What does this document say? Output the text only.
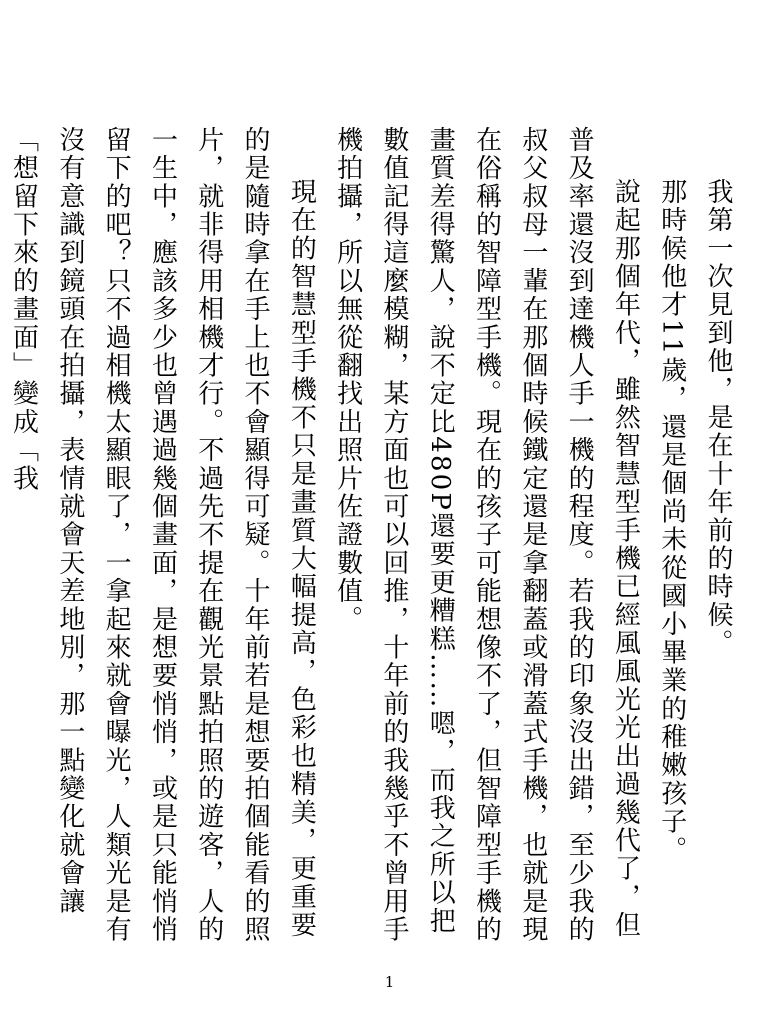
我第一次見到他，是在十年前的時候。

那時候他才11歲，還是個尚未從國小畢業的稚嫩孩子。

說起那個年代，雖然智慧型手機已經風風光光出過幾代了，但普及率還沒到達機人手一機的程度。若我的印象沒出錯，至少我的叔父叔母一輩在那個時候鐵定還是拿翻蓋或滑蓋式手機，也就是現在俗稱的智障型手機。現在的孩子可能想像不了，但智障型手機的畫質差得驚人，說不定比480P還要更糟糕……嗯，而我之所以把數值記得這麼模糊，某方面也可以回推，十年前的我幾乎不曾用手機拍攝，所以無從翻找出照片佐證數值。

現在的智慧型手機不只是畫質大幅提高，色彩也精美，更重要的是隨時拿在手上也不會顯得可疑。十年前若是想要拍個能看的照片，就非得用相機才行。不過先不提在觀光景點拍照的遊客，人的一生中，應該多少也曾遇過幾個畫面，是想要悄悄，或是只能悄悄留下的吧？只不過相機太顯眼了，一拿起來就會曝光，人類光是有沒有意識到鏡頭在拍攝，表情就會天差地別，那一點變化就會讓「想留下來的畫面」變成「我

1
